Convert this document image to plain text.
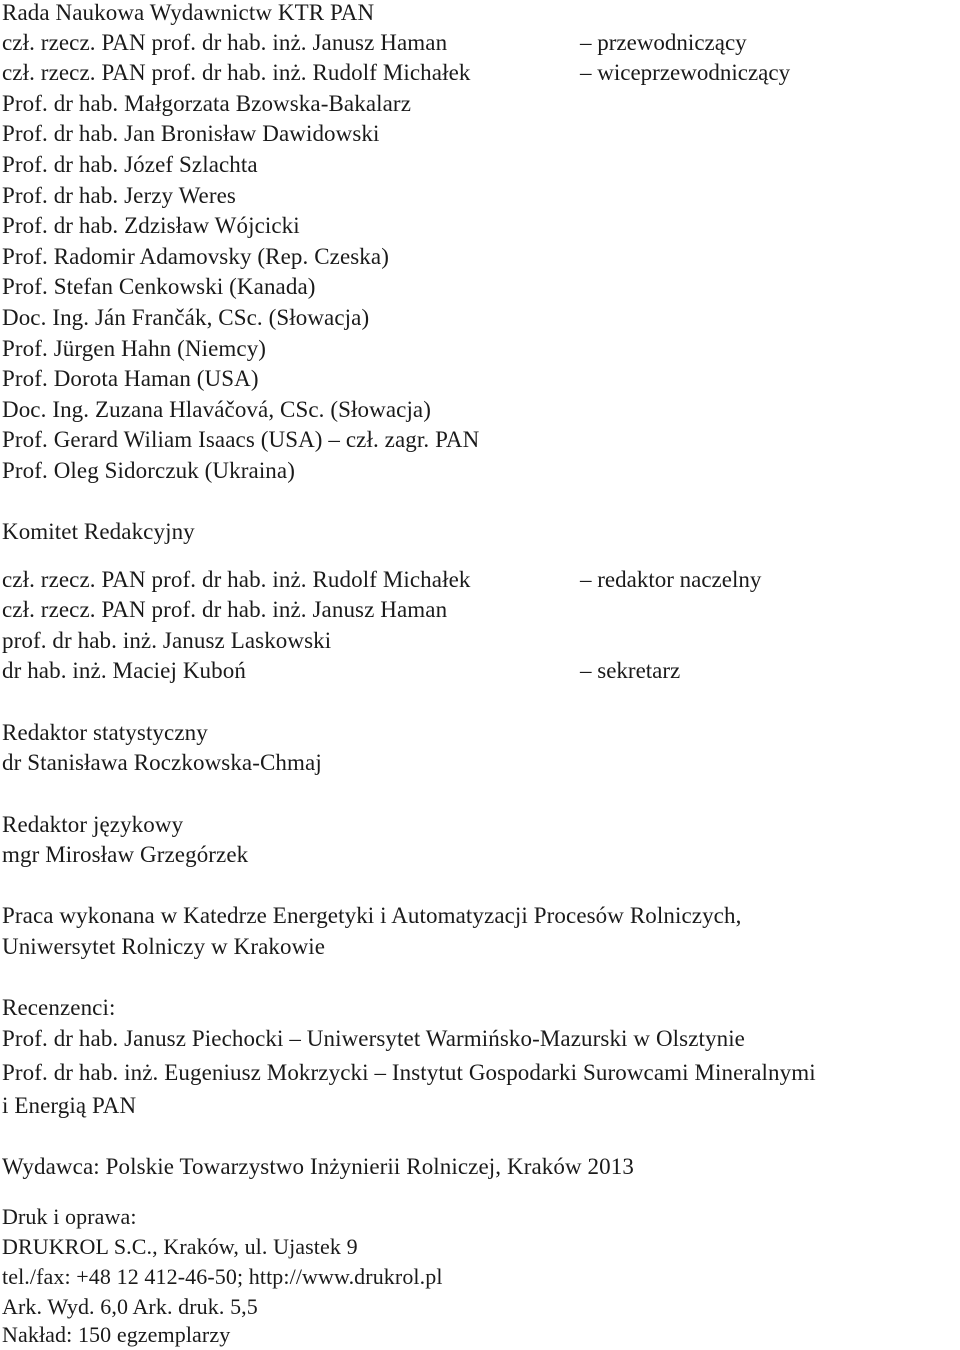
Rada Naukowa Wydawnictw KTR PAN
czł. rzecz. PAN prof. dr hab. inż. Janusz Haman	– przewodniczący
czł. rzecz. PAN prof. dr hab. inż. Rudolf Michałek	– wiceprzewodniczący
Prof. dr hab. Małgorzata Bzowska-Bakalarz
Prof. dr hab. Jan Bronisław Dawidowski
Prof. dr hab. Józef Szlachta
Prof. dr hab. Jerzy Weres
Prof. dr hab. Zdzisław Wójcicki
Prof. Radomir Adamovsky (Rep. Czeska)
Prof. Stefan Cenkowski (Kanada)
Doc. Ing. Ján Frančák, CSc. (Słowacja)
Prof. Jürgen Hahn (Niemcy)
Prof. Dorota Haman (USA)
Doc. Ing. Zuzana Hlaváčová, CSc. (Słowacja)
Prof. Gerard Wiliam Isaacs (USA) – czł. zagr. PAN
Prof. Oleg Sidorczuk (Ukraina)
Komitet Redakcyjny
czł. rzecz. PAN prof. dr hab. inż. Rudolf Michałek	– redaktor naczelny
czł. rzecz. PAN prof. dr hab. inż. Janusz Haman
prof. dr hab. inż. Janusz Laskowski
dr hab. inż. Maciej Kuboń	– sekretarz
Redaktor statystyczny
dr Stanisława Roczkowska-Chmaj
Redaktor językowy
mgr Mirosław Grzegórzek
Praca wykonana w Katedrze Energetyki i Automatyzacji Procesów Rolniczych,
Uniwersytet Rolniczy w Krakowie
Recenzenci:
Prof. dr hab. Janusz Piechocki – Uniwersytet Warmińsko-Mazurski w Olsztynie
Prof. dr hab. inż. Eugeniusz Mokrzycki – Instytut Gospodarki Surowcami Mineralnymi
i Energią PAN
Wydawca: Polskie Towarzystwo Inżynierii Rolniczej, Kraków 2013
Druk i oprawa:
DRUKROL S.C., Kraków, ul. Ujastek 9
tel./fax: +48 12 412-46-50; http://www.drukrol.pl
Ark. Wyd. 6,0 Ark. druk. 5,5
Nakład: 150 egzemplarzy
